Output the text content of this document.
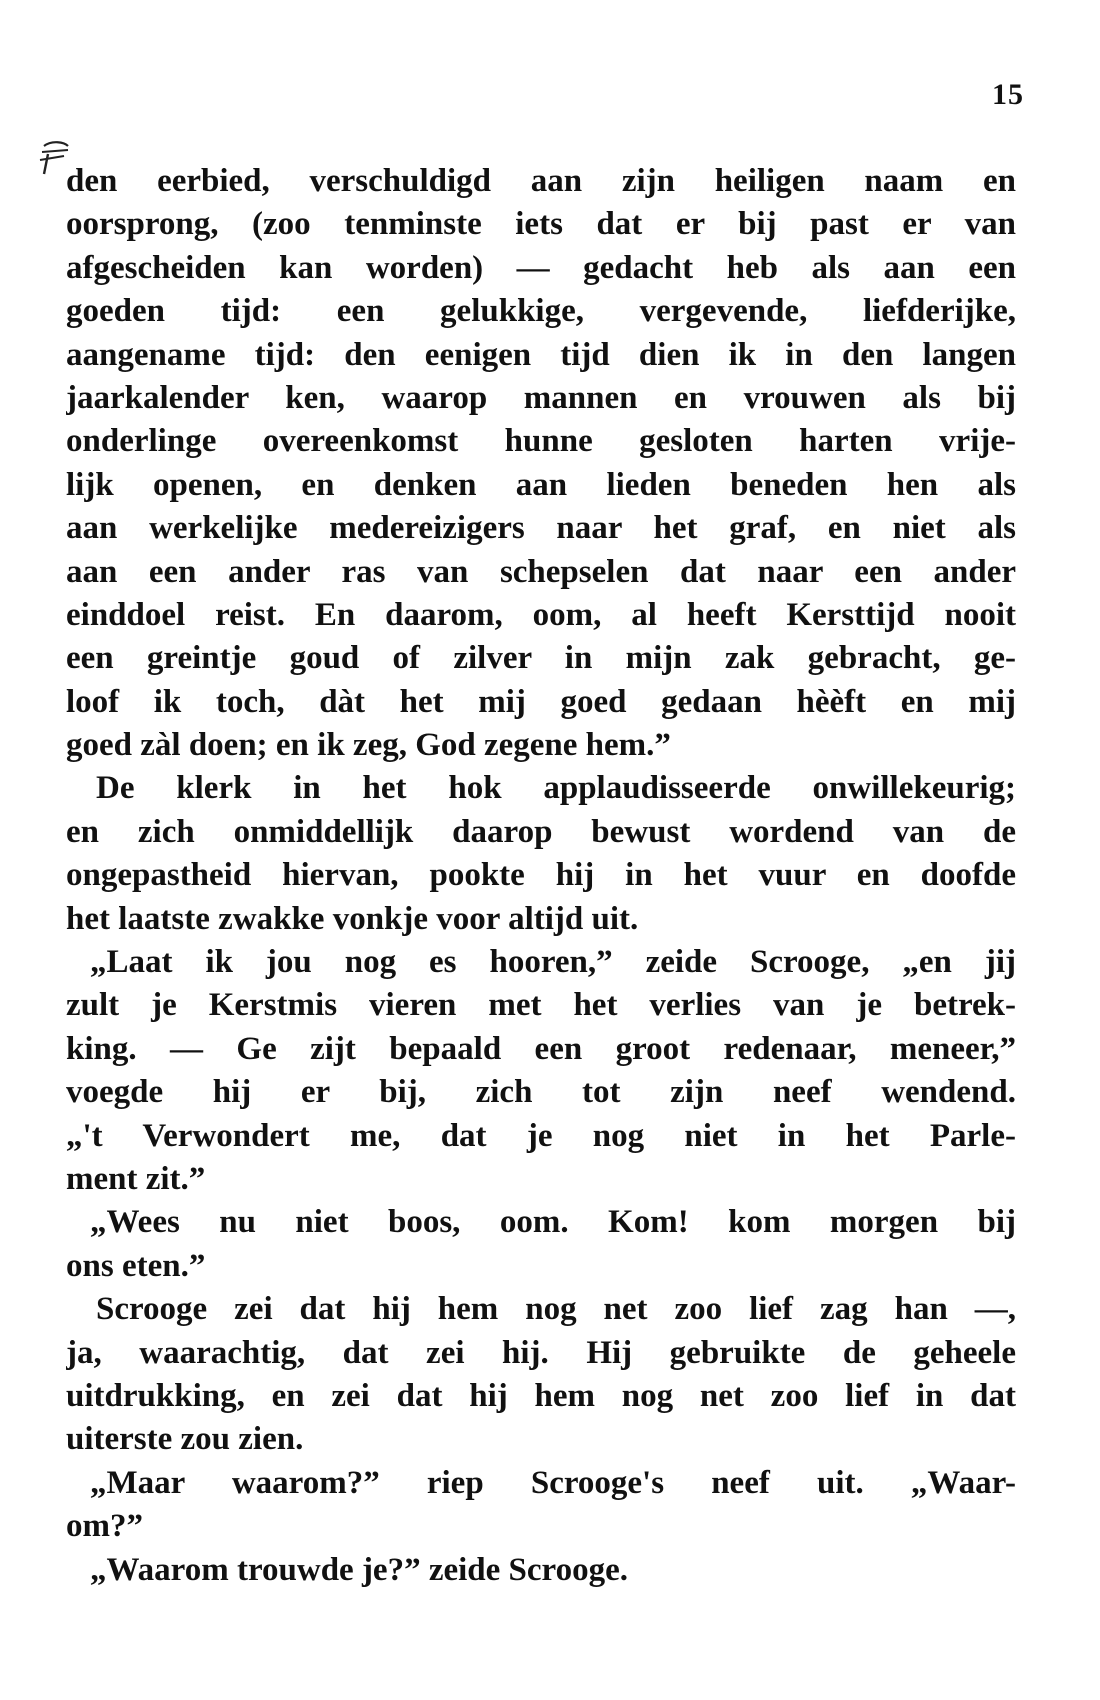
15
den eerbied, verschuldigd aan zijn heiligen naam en
oorsprong, (zoo tenminste iets dat er bij past er van
afgescheiden kan worden) — gedacht heb als aan een
goeden tijd: een gelukkige, vergevende, liefderijke,
aangename tijd: den eenigen tijd dien ik in den langen
jaarkalender ken, waarop mannen en vrouwen als bij
onderlinge overeenkomst hunne gesloten harten vrije-
lijk openen, en denken aan lieden beneden hen als
aan werkelijke medereizigers naar het graf, en niet als
aan een ander ras van schepselen dat naar een ander
einddoel reist. En daarom, oom, al heeft Kersttijd nooit
een greintje goud of zilver in mijn zak gebracht, ge-
loof ik toch, dàt het mij goed gedaan hèèft en mij
goed zàl doen; en ik zeg, God zegene hem.”
De klerk in het hok applaudisseerde onwillekeurig;
en zich onmiddellijk daarop bewust wordend van de
ongepastheid hiervan, pookte hij in het vuur en doofde
het laatste zwakke vonkje voor altijd uit.
„Laat ik jou nog es hooren,” zeide Scrooge, „en jij
zult je Kerstmis vieren met het verlies van je betrek-
king. — Ge zijt bepaald een groot redenaar, meneer,”
voegde hij er bij, zich tot zijn neef wendend.
„'t Verwondert me, dat je nog niet in het Parle-
ment zit.”
„Wees nu niet boos, oom. Kom! kom morgen bij
ons eten.”
Scrooge zei dat hij hem nog net zoo lief zag han —,
ja, waarachtig, dat zei hij. Hij gebruikte de geheele
uitdrukking, en zei dat hij hem nog net zoo lief in dat
uiterste zou zien.
„Maar waarom?” riep Scrooge's neef uit. „Waar-
om?”
„Waarom trouwde je?” zeide Scrooge.
